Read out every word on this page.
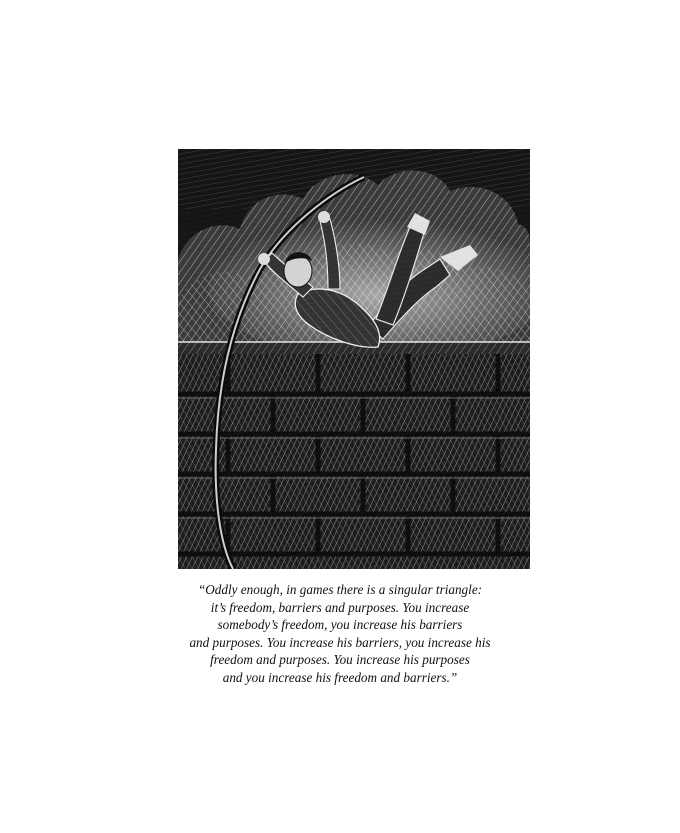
“Oddly enough, in games there is a singular triangle:
it’s freedom, barriers and purposes. You increase
somebody’s freedom, you increase his barriers
and purposes. You increase his barriers, you increase his
freedom and purposes. You increase his purposes
and you increase his freedom and barriers.”
